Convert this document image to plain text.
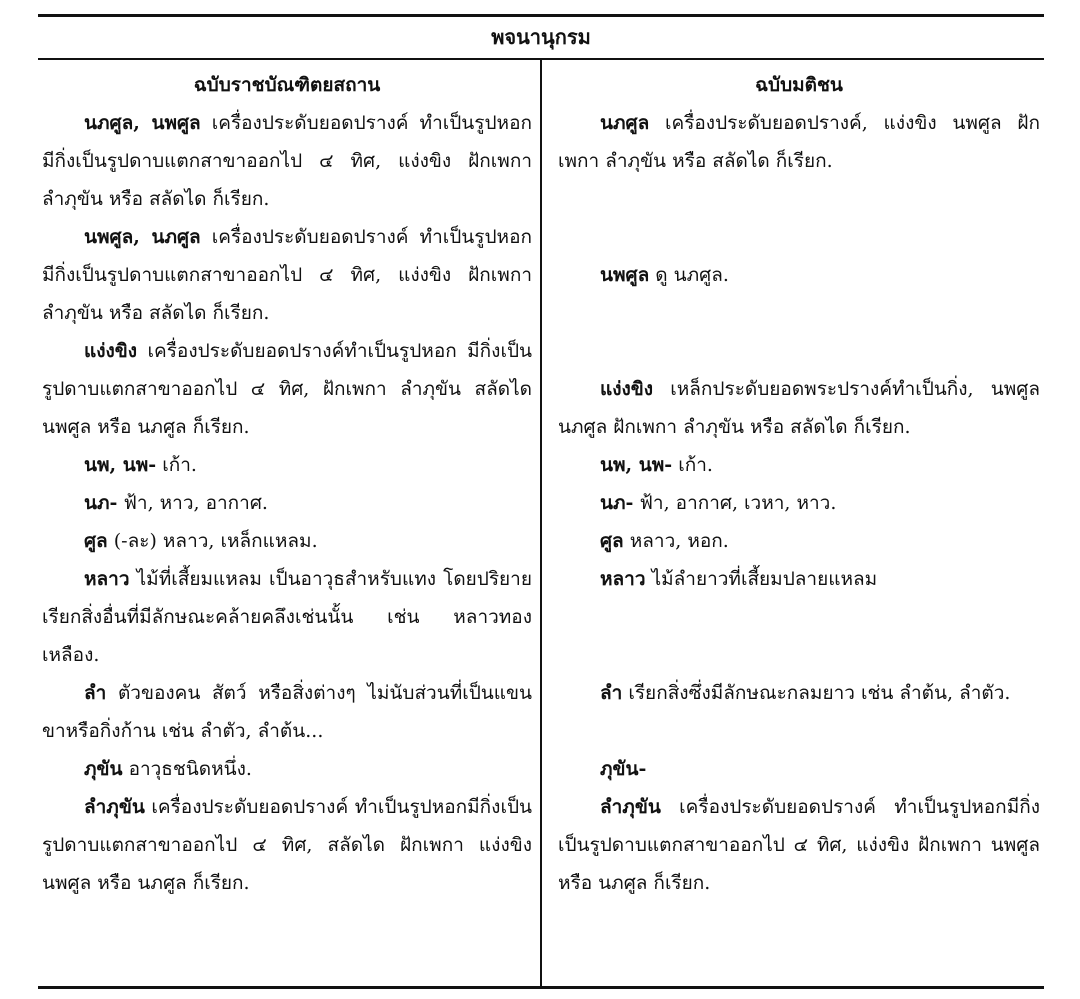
พจนานุกรม
ฉบับราชบัณฑิตยสถาน
นภศูล, นพศูล เครื่องประดับยอดปรางค์ ทำเป็นรูปหอก มีกิ่งเป็นรูปดาบแตกสาขาออกไป ๔ ทิศ, แง่งขิง ฝักเพกา ลำภุขัน หรือ สลัดได ก็เรียก.
นพศูล, นภศูล เครื่องประดับยอดปรางค์ ทำเป็นรูปหอก มีกิ่งเป็นรูปดาบแตกสาขาออกไป ๔ ทิศ, แง่งขิง ฝักเพกา ลำภุขัน หรือ สลัดได ก็เรียก.
แง่งขิง เครื่องประดับยอดปรางค์ทำเป็นรูปหอก มีกิ่งเป็นรูปดาบแตกสาขาออกไป ๔ ทิศ, ฝักเพกา ลำภุขัน สลัดได นพศูล หรือ นภศูล ก็เรียก.
นพ, นพ- เก้า.
นภ- ฟ้า, หาว, อากาศ.
ศูล (-ละ) หลาว, เหล็กแหลม.
หลาว ไม้ที่เสี้ยมแหลม เป็นอาวุธสำหรับแทง โดยปริยายเรียกสิ่งอื่นที่มีลักษณะคล้ายคลึงเช่นนั้น เช่น หลาวทองเหลือง.
ลำ ตัวของคน สัตว์ หรือสิ่งต่างๆ ไม่นับส่วนที่เป็นแขนขาหรือกิ่งก้าน เช่น ลำตัว, ลำต้น...
ภุขัน อาวุธชนิดหนึ่ง.
ลำภุขัน เครื่องประดับยอดปรางค์ ทำเป็นรูปหอกมีกิ่งเป็นรูปดาบแตกสาขาออกไป ๔ ทิศ, สลัดได ฝักเพกา แง่งขิง นพศูล หรือ นภศูล ก็เรียก.
ฉบับมติชน
นภศูล เครื่องประดับยอดปรางค์, แง่งขิง นพศูล ฝักเพกา ลำภุขัน หรือ สลัดได ก็เรียก.
นพศูล ดู นภศูล.
แง่งขิง เหล็กประดับยอดพระปรางค์ทำเป็นกิ่ง, นพศูล นภศูล ฝักเพกา ลำภุขัน หรือ สลัดได ก็เรียก.
นพ, นพ- เก้า.
นภ- ฟ้า, อากาศ, เวหา, หาว.
ศูล หลาว, หอก.
หลาว ไม้ลำยาวที่เสี้ยมปลายแหลม
ลำ เรียกสิ่งซึ่งมีลักษณะกลมยาว เช่น ลำต้น, ลำตัว.
ภุขัน-
ลำภุขัน เครื่องประดับยอดปรางค์ ทำเป็นรูปหอกมีกิ่งเป็นรูปดาบแตกสาขาออกไป ๔ ทิศ, แง่งขิง ฝักเพกา นพศูล หรือ นภศูล ก็เรียก.
